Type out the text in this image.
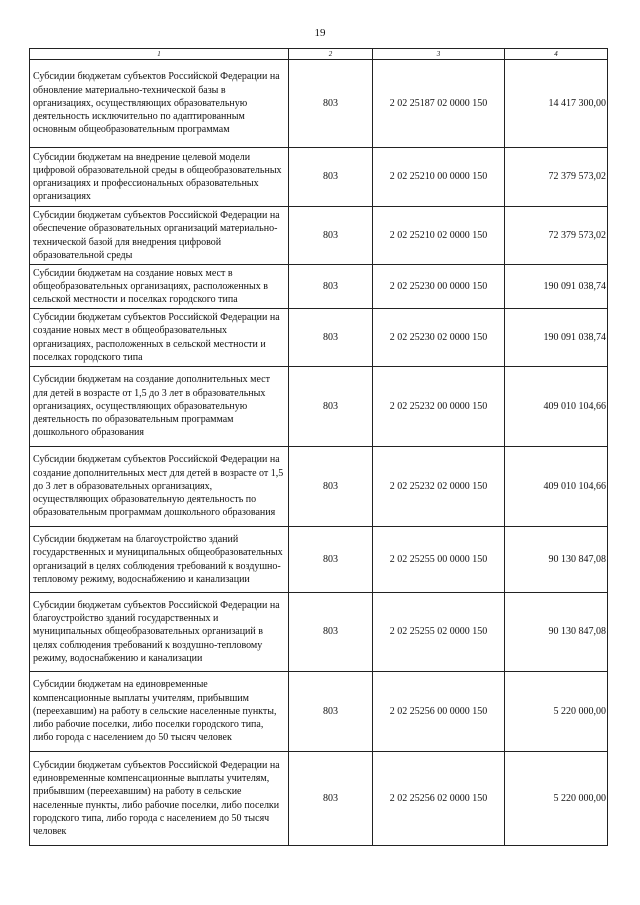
19
1	2	3	4
Субсидии бюджетам субъектов Российской Федерации на обновление материально-технической базы в организациях, осуществляющих образовательную деятельность исключительно по адаптированным основным общеобразовательным программам	803	2 02 25187 02 0000 150	14 417 300,00
Субсидии бюджетам на внедрение целевой модели цифровой образовательной среды в общеобразовательных организациях и профессиональных образовательных организациях	803	2 02 25210 00 0000 150	72 379 573,02
Субсидии бюджетам субъектов Российской Федерации на обеспечение образовательных организаций материально-технической базой для внедрения цифровой образовательной среды	803	2 02 25210 02 0000 150	72 379 573,02
Субсидии бюджетам на создание новых мест в общеобразовательных организациях, расположенных в сельской местности и поселках городского типа	803	2 02 25230 00 0000 150	190 091 038,74
Субсидии бюджетам субъектов Российской Федерации на создание новых мест в общеобразовательных организациях, расположенных в сельской местности и поселках городского типа	803	2 02 25230 02 0000 150	190 091 038,74
Субсидии бюджетам на создание дополнительных мест для детей в возрасте от 1,5 до 3 лет в образовательных организациях, осуществляющих образовательную деятельность по образовательным программам дошкольного образования	803	2 02 25232 00 0000 150	409 010 104,66
Субсидии бюджетам субъектов Российской Федерации на создание дополнительных мест для детей в возрасте от 1,5 до 3 лет в образовательных организациях, осуществляющих образовательную деятельность по образовательным программам дошкольного образования	803	2 02 25232 02 0000 150	409 010 104,66
Субсидии бюджетам на благоустройство зданий государственных и муниципальных общеобразовательных организаций в целях соблюдения требований к воздушно-тепловому режиму, водоснабжению и канализации	803	2 02 25255 00 0000 150	90 130 847,08
Субсидии бюджетам субъектов Российской Федерации на благоустройство зданий государственных и муниципальных общеобразовательных организаций в целях соблюдения требований к воздушно-тепловому режиму, водоснабжению и канализации	803	2 02 25255 02 0000 150	90 130 847,08
Субсидии бюджетам на единовременные компенсационные выплаты учителям, прибывшим (переехавшим) на работу в сельские населенные пункты, либо рабочие поселки, либо поселки городского типа, либо города с населением до 50 тысяч человек	803	2 02 25256 00 0000 150	5 220 000,00
Субсидии бюджетам субъектов Российской Федерации на единовременные компенсационные выплаты учителям, прибывшим (переехавшим) на работу в сельские населенные пункты, либо рабочие поселки, либо поселки городского типа, либо города с населением до 50 тысяч человек	803	2 02 25256 02 0000 150	5 220 000,00
